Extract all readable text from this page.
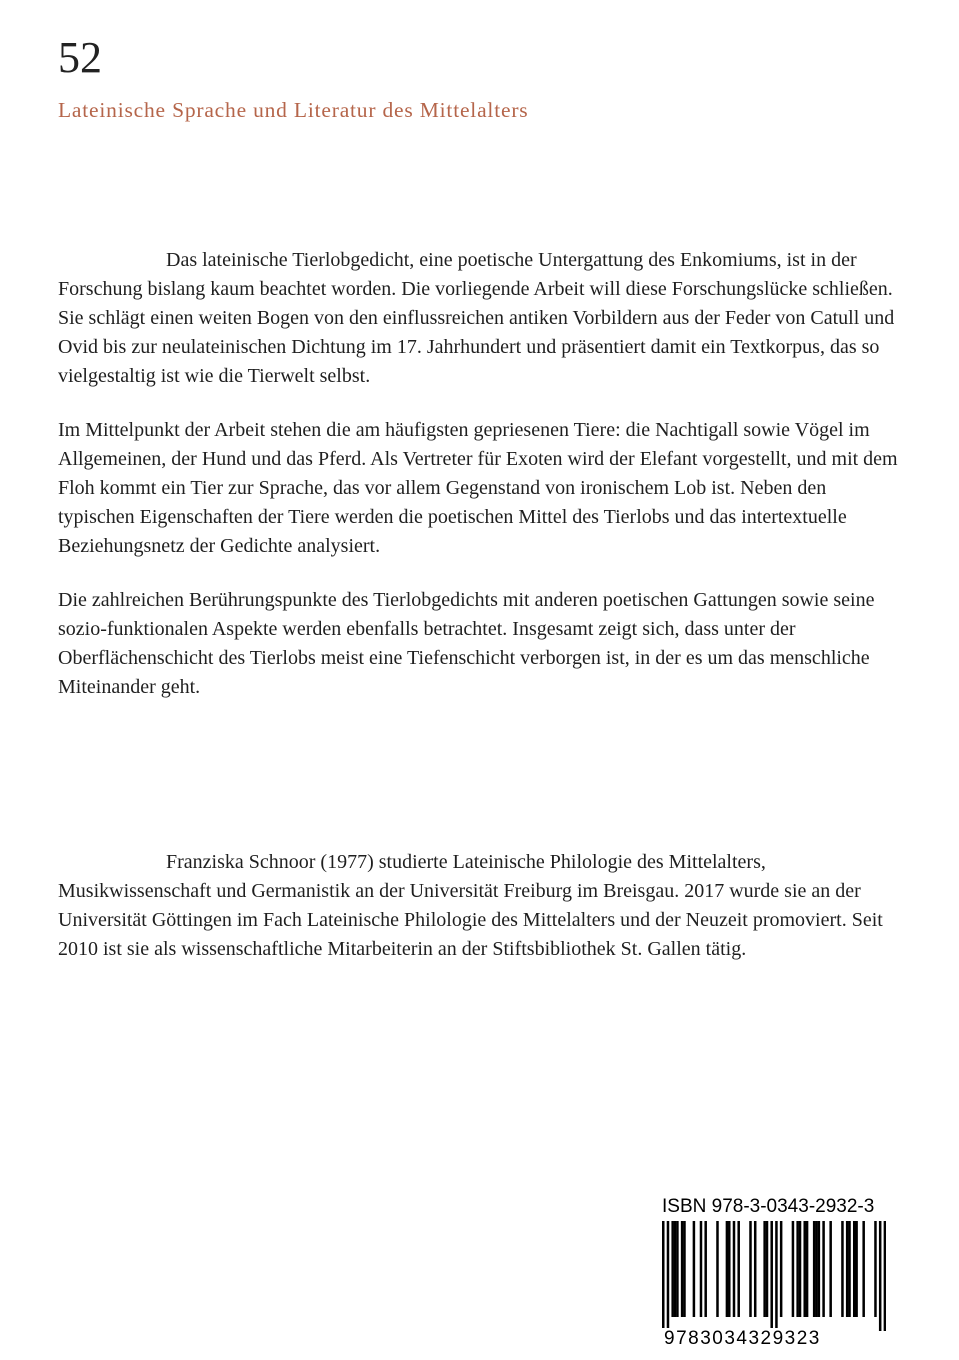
52
Lateinische Sprache und Literatur des Mittelalters

Das lateinische Tierlobgedicht, eine poetische Untergattung des Enkomiums, ist in der Forschung bislang kaum beachtet worden. Die vorliegende Arbeit will diese Forschungslücke schließen. Sie schlägt einen weiten Bogen von den einflussreichen antiken Vorbildern aus der Feder von Catull und Ovid bis zur neulateinischen Dichtung im 17. Jahrhundert und präsentiert damit ein Textkorpus, das so vielgestaltig ist wie die Tierwelt selbst.

Im Mittelpunkt der Arbeit stehen die am häufigsten gepriesenen Tiere: die Nachtigall sowie Vögel im Allgemeinen, der Hund und das Pferd. Als Vertreter für Exoten wird der Elefant vorgestellt, und mit dem Floh kommt ein Tier zur Sprache, das vor allem Gegenstand von ironischem Lob ist. Neben den typischen Eigenschaften der Tiere werden die poetischen Mittel des Tierlobs und das intertextuelle Beziehungsnetz der Gedichte analysiert.

Die zahlreichen Berührungspunkte des Tierlobgedichts mit anderen poetischen Gattungen sowie seine sozio-funktionalen Aspekte werden ebenfalls betrachtet. Insgesamt zeigt sich, dass unter der Oberflächenschicht des Tierlobs meist eine Tiefenschicht verborgen ist, in der es um das menschliche Miteinander geht.

Franziska Schnoor (1977) studierte Lateinische Philologie des Mittelalters, Musikwissenschaft und Germanistik an der Universität Freiburg im Breisgau. 2017 wurde sie an der Universität Göttingen im Fach Lateinische Philologie des Mittelalters und der Neuzeit promoviert. Seit 2010 ist sie als wissenschaftliche Mitarbeiterin an der Stiftsbibliothek St. Gallen tätig.

ISBN 978-3-0343-2932-3
9783034329323
